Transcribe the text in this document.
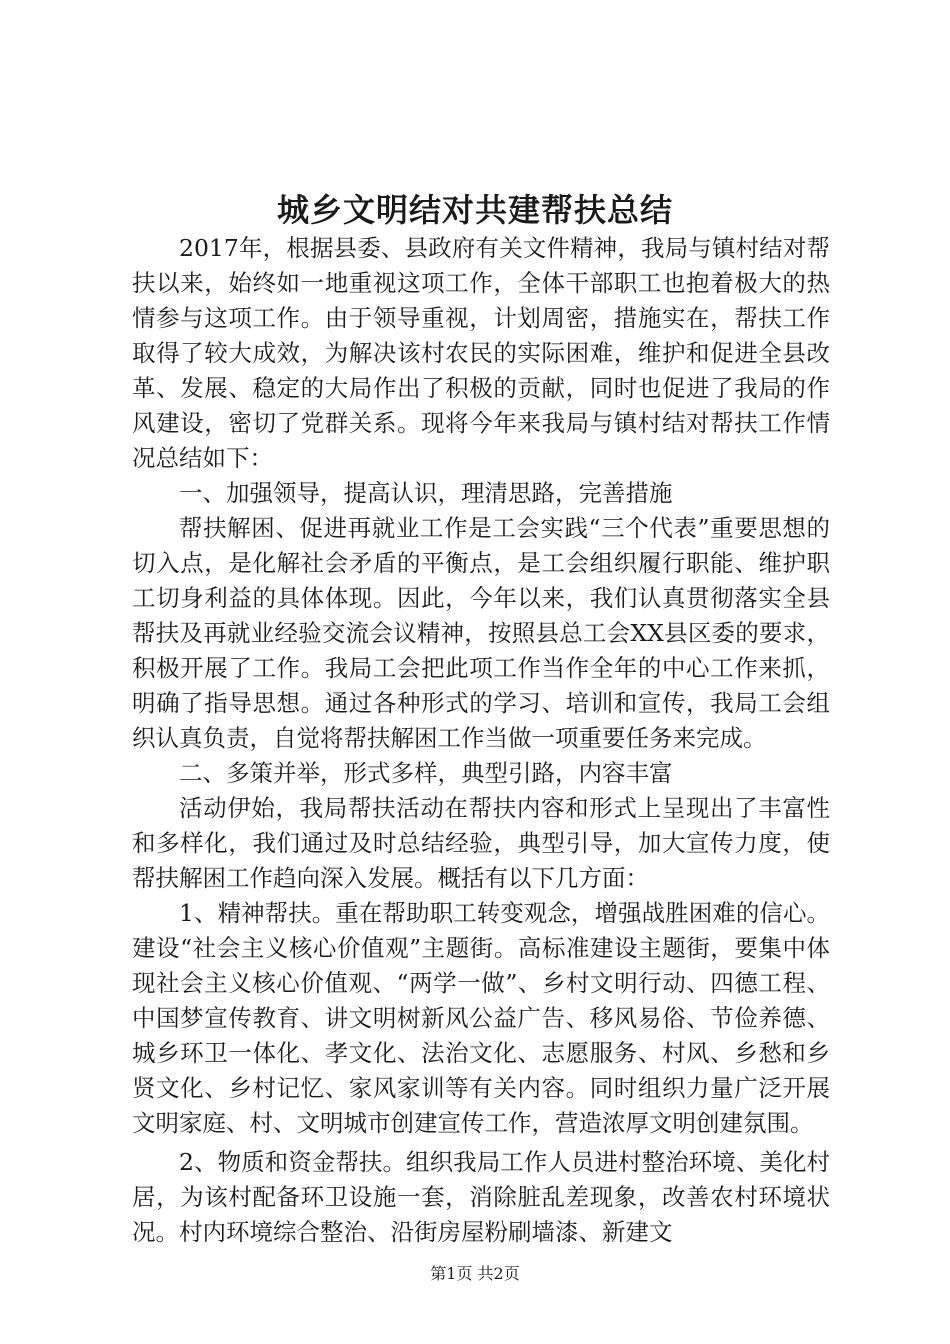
城乡文明结对共建帮扶总结

2017年，根据县委、县政府有关文件精神，我局与镇村结对帮扶以来，始终如一地重视这项工作，全体干部职工也抱着极大的热情参与这项工作。由于领导重视，计划周密，措施实在，帮扶工作取得了较大成效，为解决该村农民的实际困难，维护和促进全县改革、发展、稳定的大局作出了积极的贡献，同时也促进了我局的作风建设，密切了党群关系。现将今年来我局与镇村结对帮扶工作情况总结如下：

一、加强领导，提高认识，理清思路，完善措施

帮扶解困、促进再就业工作是工会实践“三个代表”重要思想的切入点，是化解社会矛盾的平衡点，是工会组织履行职能、维护职工切身利益的具体体现。因此，今年以来，我们认真贯彻落实全县帮扶及再就业经验交流会议精神，按照县总工会XX县区委的要求，积极开展了工作。我局工会把此项工作当作全年的中心工作来抓，明确了指导思想。通过各种形式的学习、培训和宣传，我局工会组织认真负责，自觉将帮扶解困工作当做一项重要任务来完成。

二、多策并举，形式多样，典型引路，内容丰富

活动伊始，我局帮扶活动在帮扶内容和形式上呈现出了丰富性和多样化，我们通过及时总结经验，典型引导，加大宣传力度，使帮扶解困工作趋向深入发展。概括有以下几方面：

1、精神帮扶。重在帮助职工转变观念，增强战胜困难的信心。建设“社会主义核心价值观”主题街。高标准建设主题街，要集中体现社会主义核心价值观、“两学一做”、乡村文明行动、四德工程、中国梦宣传教育、讲文明树新风公益广告、移风易俗、节俭养德、城乡环卫一体化、孝文化、法治文化、志愿服务、村风、乡愁和乡贤文化、乡村记忆、家风家训等有关内容。同时组织力量广泛开展文明家庭、村、文明城市创建宣传工作，营造浓厚文明创建氛围。

2、物质和资金帮扶。组织我局工作人员进村整治环境、美化村居，为该村配备环卫设施一套，消除脏乱差现象，改善农村环境状况。村内环境综合整治、沿街房屋粉刷墙漆、新建文

第1页 共2页
